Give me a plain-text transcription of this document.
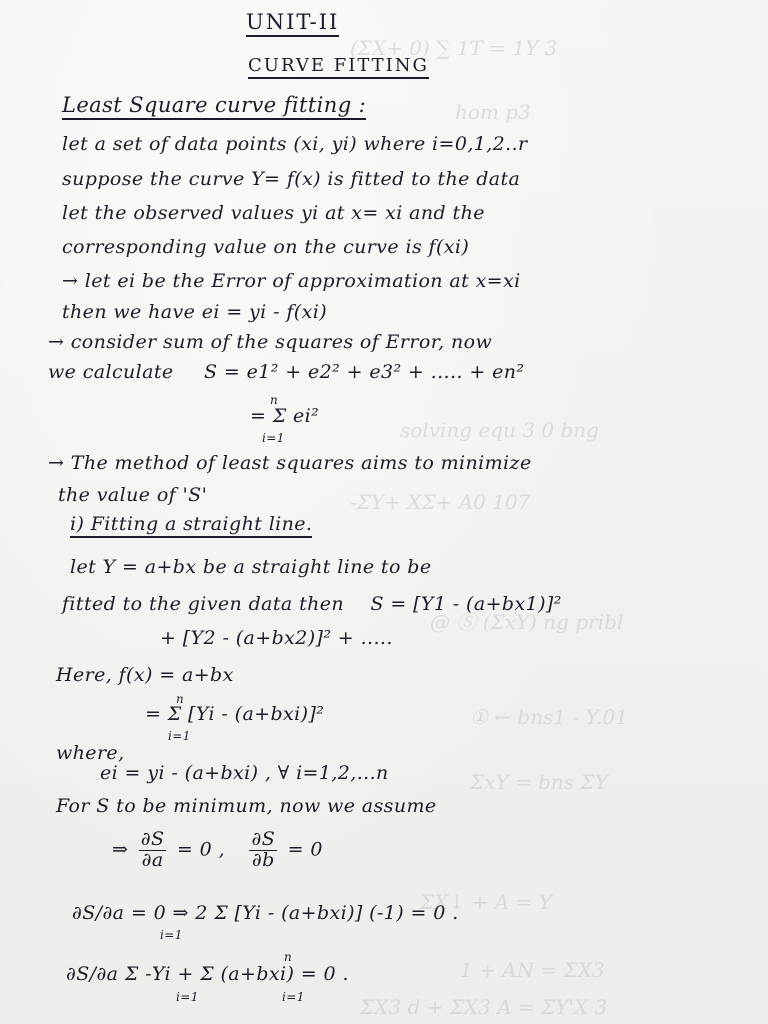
(ΣX+ 0) ∑ 1T = 1Y 3
hom p3
solving equ 3 0 bng
-ΣY+ XΣ+ A0 107
@ Ⓢ (ΣxY) ng pribl
① ← bns1 - Y.01
ΣxY = bns ΣY
ΣX↓ + A = Y
1 + AN = ΣX3
ΣX3 d + ΣX3 A = ΣY'X 3
UNIT-II
CURVE FITTING
Least Square curve fitting :
let a set of data points (xi, yi) where i=0,1,2..r
suppose the curve Y= f(x) is fitted to the data
let the observed values yi at x= xi and the
corresponding value on the curve is f(xi)
→ let ei be the Error of approximation at x=xi
then we have ei = yi - f(xi)
→ consider sum of the squares of Error, now
we calculate S = e1² + e2² + e3² + ..... + en²
= Σ ei²
n
i=1
→ The method of least squares aims to minimize
the value of 'S'
i) Fitting a straight line.
let Y = a+bx be a straight line to be
fitted to the given data then S = [Y1 - (a+bx1)]²
+ [Y2 - (a+bx2)]² + .....
Here, f(x) = a+bx
= Σ [Yi - (a+bxi)]²
n
i=1
where,
ei = yi - (a+bxi) , ∀ i=1,2,...n
For S to be minimum, now we assume
⇒ $\frac{\partial S}{\partial a} = 0$ , $\frac{\partial S}{\partial b} = 0$
∂S/∂a = 0 ⇒ 2 Σ [Yi - (a+bxi)] (-1) = 0 .
i=1
∂S/∂a Σ -Yi + Σ (a+bxi) = 0 .
i=1	i=1
n
